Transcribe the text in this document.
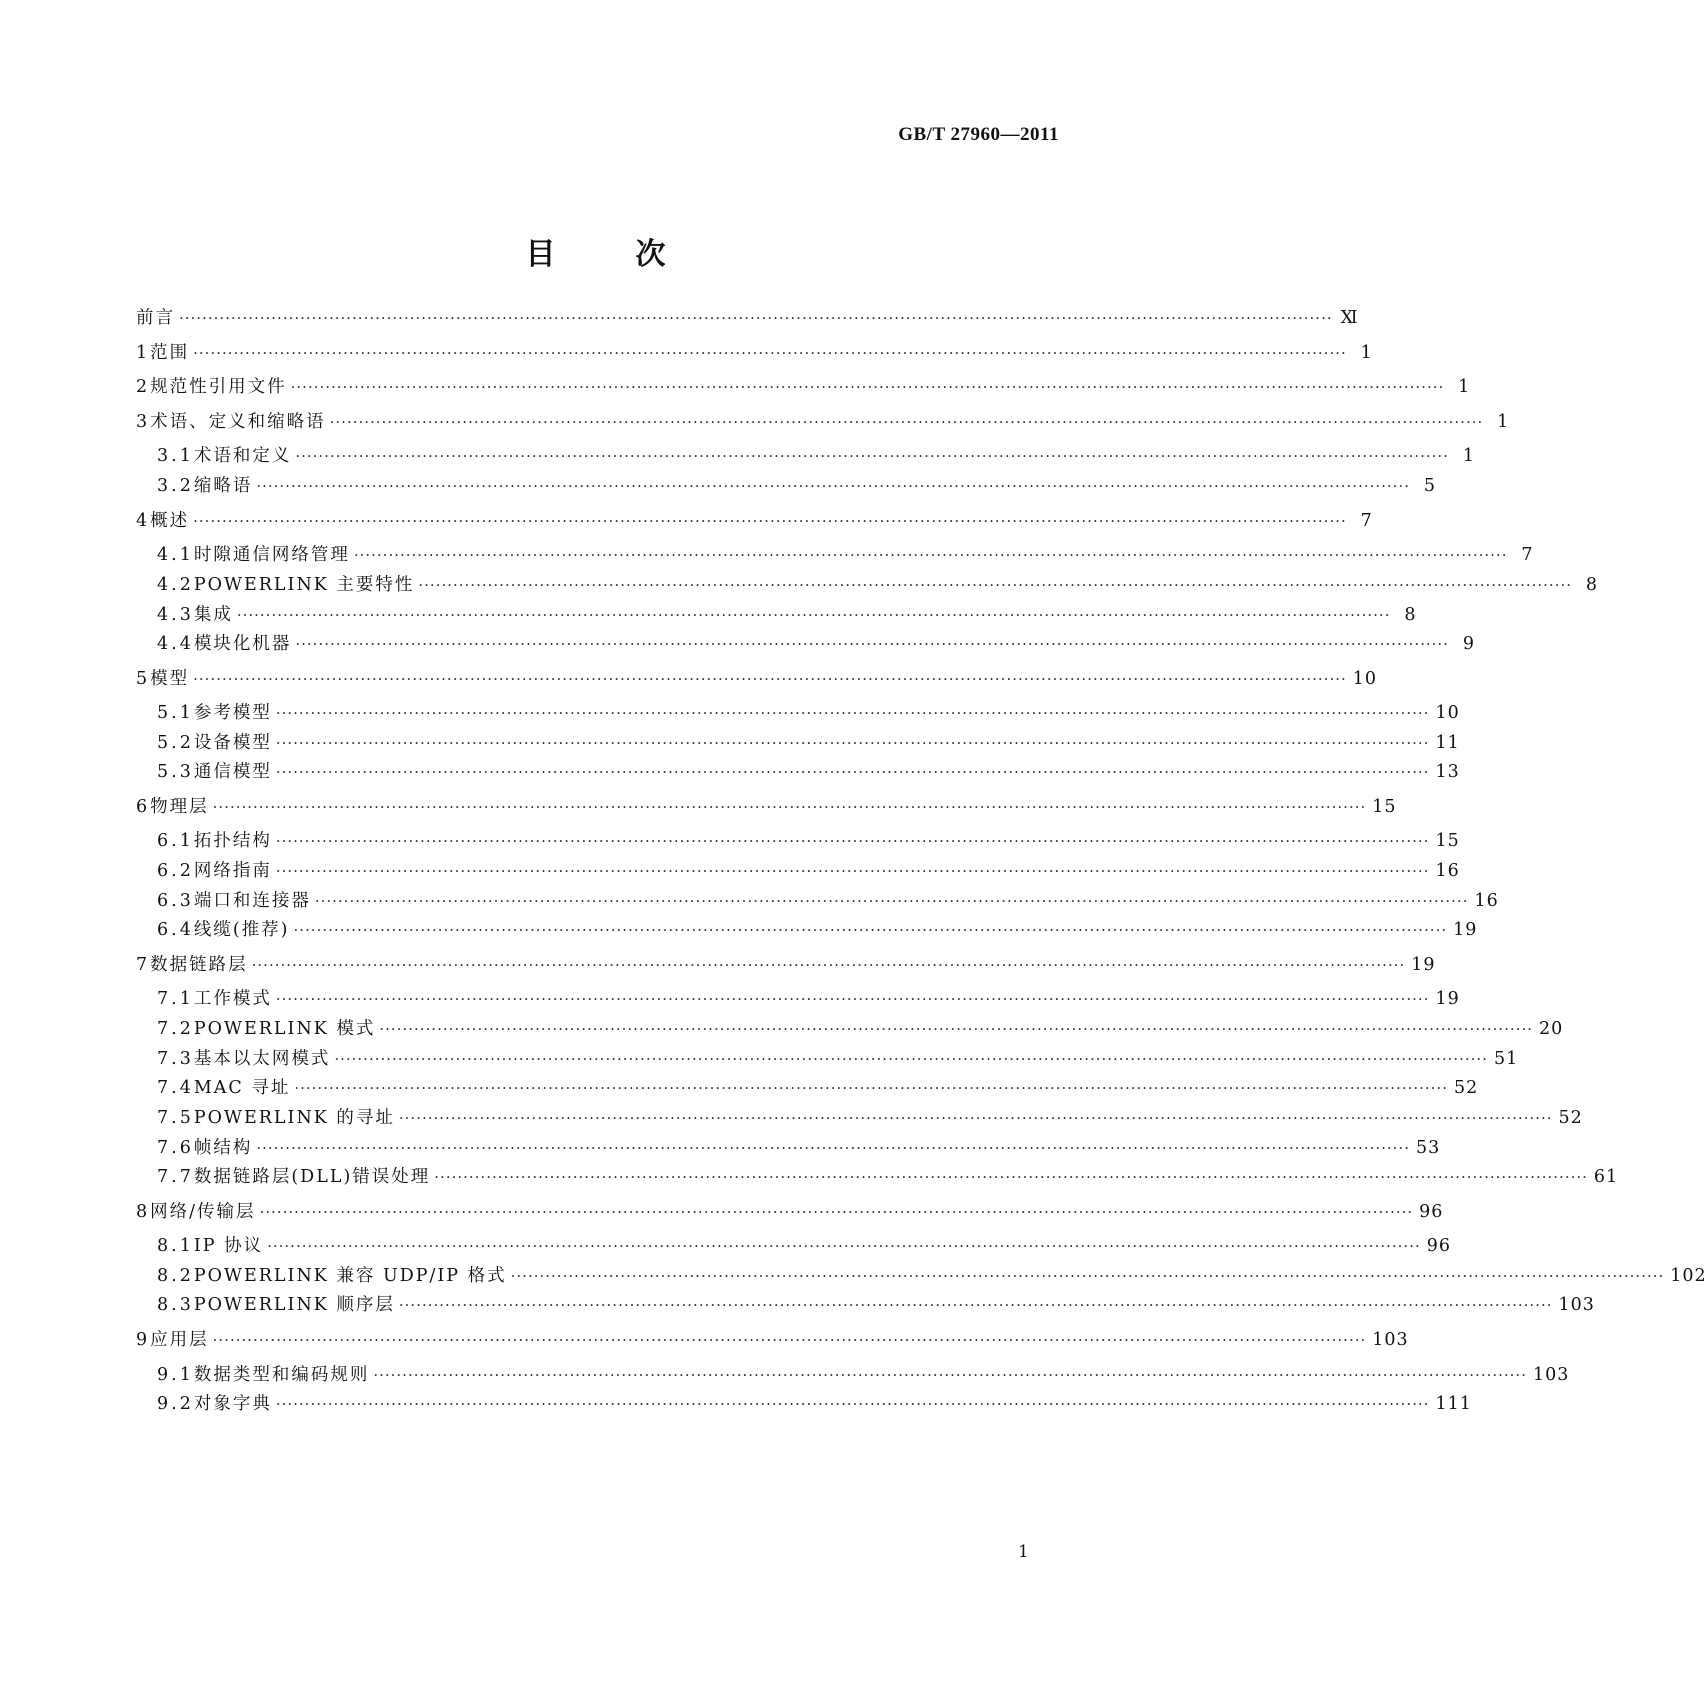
GB/T 27960—2011
目	次
前言 ········································································································································································································ Ⅺ
1 范围 ········································································································································································································ 1
2 规范性引用文件 ········································································································································································································ 1
3 术语、定义和缩略语 ········································································································································································································ 1
3.1 术语和定义 ········································································································································································································ 1
3.2 缩略语 ········································································································································································································ 5
4 概述 ········································································································································································································ 7
4.1 时隙通信网络管理 ········································································································································································································ 7
4.2 POWERLINK 主要特性 ········································································································································································································ 8
4.3 集成 ········································································································································································································ 8
4.4 模块化机器 ········································································································································································································ 9
5 模型 ········································································································································································································ 10
5.1 参考模型 ········································································································································································································ 10
5.2 设备模型 ········································································································································································································ 11
5.3 通信模型 ········································································································································································································ 13
6 物理层 ········································································································································································································ 15
6.1 拓扑结构 ········································································································································································································ 15
6.2 网络指南 ········································································································································································································ 16
6.3 端口和连接器 ········································································································································································································ 16
6.4 线缆(推荐) ········································································································································································································ 19
7 数据链路层 ········································································································································································································ 19
7.1 工作模式 ········································································································································································································ 19
7.2 POWERLINK 模式 ········································································································································································································ 20
7.3 基本以太网模式 ········································································································································································································ 51
7.4 MAC 寻址 ········································································································································································································ 52
7.5 POWERLINK 的寻址 ········································································································································································································ 52
7.6 帧结构 ········································································································································································································ 53
7.7 数据链路层(DLL)错误处理 ········································································································································································································ 61
8 网络/传输层 ········································································································································································································ 96
8.1 IP 协议 ········································································································································································································ 96
8.2 POWERLINK 兼容 UDP/IP 格式 ········································································································································································································ 102
8.3 POWERLINK 顺序层 ········································································································································································································ 103
9 应用层 ········································································································································································································ 103
9.1 数据类型和编码规则 ········································································································································································································ 103
9.2 对象字典 ········································································································································································································ 111
1
